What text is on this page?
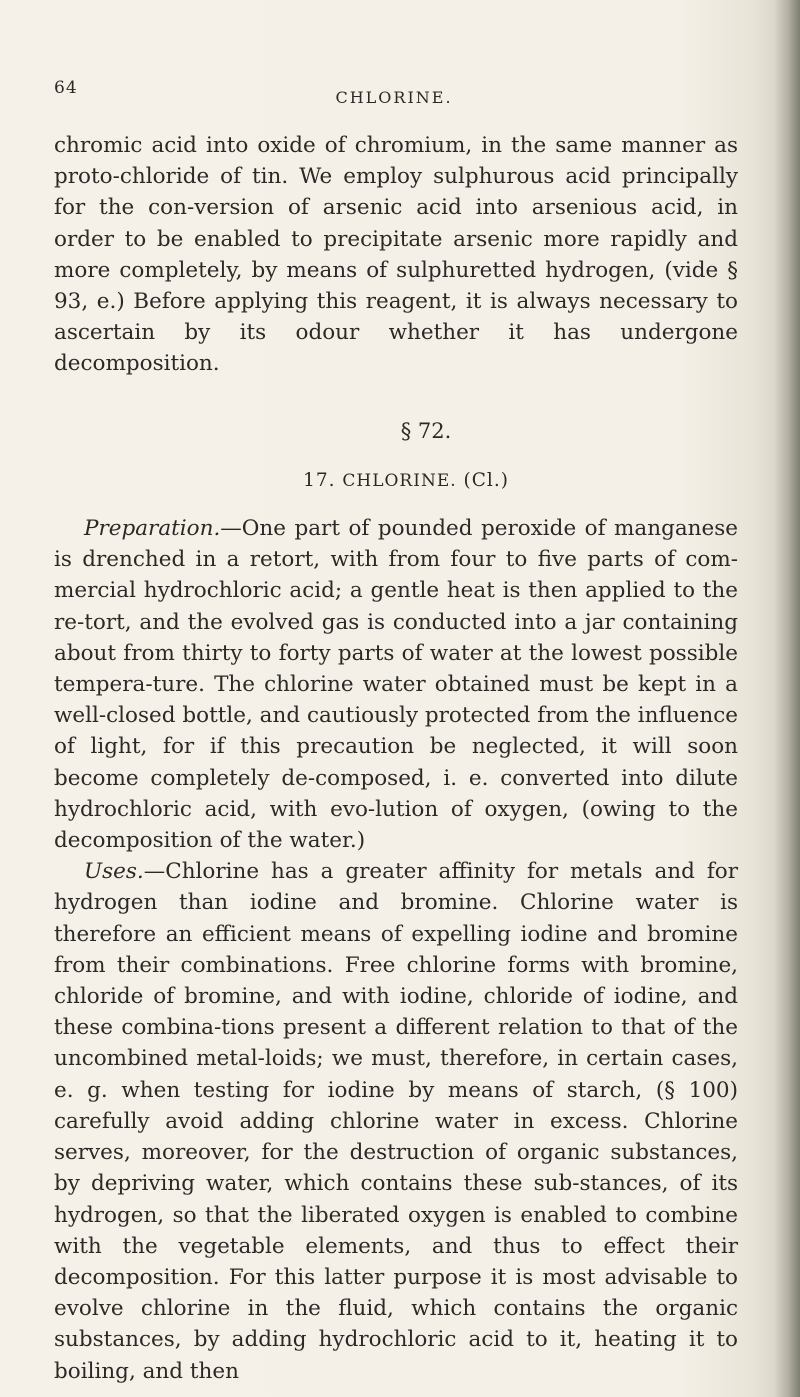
64	CHLORINE.

chromic acid into oxide of chromium, in the same manner as proto-chloride of tin. We employ sulphurous acid principally for the con-version of arsenic acid into arsenious acid, in order to be enabled to precipitate arsenic more rapidly and more completely, by means of sulphuretted hydrogen, (vide § 93, e.) Before applying this reagent, it is always necessary to ascertain by its odour whether it has undergone decomposition.

§ 72.

17. CHLORINE. (Cl.)

Preparation.—One part of pounded peroxide of manganese is drenched in a retort, with from four to five parts of com-mercial hydrochloric acid; a gentle heat is then applied to the re-tort, and the evolved gas is conducted into a jar containing about from thirty to forty parts of water at the lowest possible tempera-ture. The chlorine water obtained must be kept in a well-closed bottle, and cautiously protected from the influence of light, for if this precaution be neglected, it will soon become completely de-composed, i. e. converted into dilute hydrochloric acid, with evo-lution of oxygen, (owing to the decomposition of the water.)

Uses.—Chlorine has a greater affinity for metals and for hydrogen than iodine and bromine. Chlorine water is therefore an efficient means of expelling iodine and bromine from their combinations. Free chlorine forms with bromine, chloride of bromine, and with iodine, chloride of iodine, and these combina-tions present a different relation to that of the uncombined metal-loids; we must, therefore, in certain cases, e. g. when testing for iodine by means of starch, (§ 100) carefully avoid adding chlorine water in excess. Chlorine serves, moreover, for the destruction of organic substances, by depriving water, which contains these sub-stances, of its hydrogen, so that the liberated oxygen is enabled to combine with the vegetable elements, and thus to effect their decomposition. For this latter purpose it is most advisable to evolve chlorine in the fluid, which contains the organic substances, by adding hydrochloric acid to it, heating it to boiling, and then
